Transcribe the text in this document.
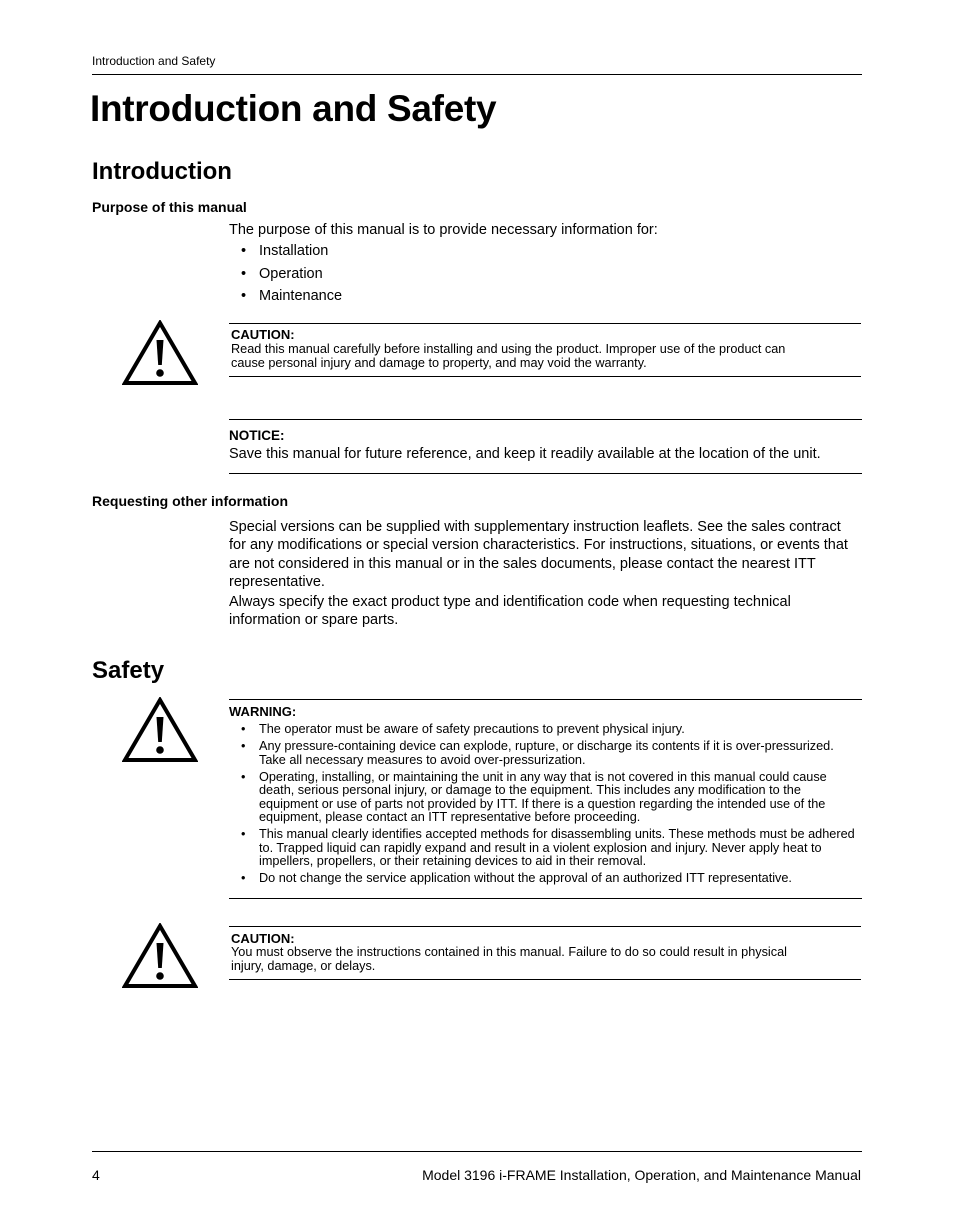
Introduction and Safety
Introduction and Safety
Introduction
Purpose of this manual
The purpose of this manual is to provide necessary information for:
• Installation
• Operation
• Maintenance
CAUTION:
Read this manual carefully before installing and using the product. Improper use of the product can
cause personal injury and damage to property, and may void the warranty.
NOTICE:
Save this manual for future reference, and keep it readily available at the location of the unit.
Requesting other information
Special versions can be supplied with supplementary instruction leaflets. See the sales contract for any modifications or special version characteristics. For instructions, situations, or events that are not considered in this manual or in the sales documents, please contact the nearest ITT representative.
Always specify the exact product type and identification code when requesting technical information or spare parts.
Safety
WARNING:
• The operator must be aware of safety precautions to prevent physical injury.
• Any pressure-containing device can explode, rupture, or discharge its contents if it is over-pressurized. Take all necessary measures to avoid over-pressurization.
• Operating, installing, or maintaining the unit in any way that is not covered in this manual could cause death, serious personal injury, or damage to the equipment. This includes any modification to the equipment or use of parts not provided by ITT. If there is a question regarding the intended use of the equipment, please contact an ITT representative before proceeding.
• This manual clearly identifies accepted methods for disassembling units. These methods must be adhered to. Trapped liquid can rapidly expand and result in a violent explosion and injury. Never apply heat to impellers, propellers, or their retaining devices to aid in their removal.
• Do not change the service application without the approval of an authorized ITT representative.
CAUTION:
You must observe the instructions contained in this manual. Failure to do so could result in physical
injury, damage, or delays.
4	Model 3196 i-FRAME Installation, Operation, and Maintenance Manual
